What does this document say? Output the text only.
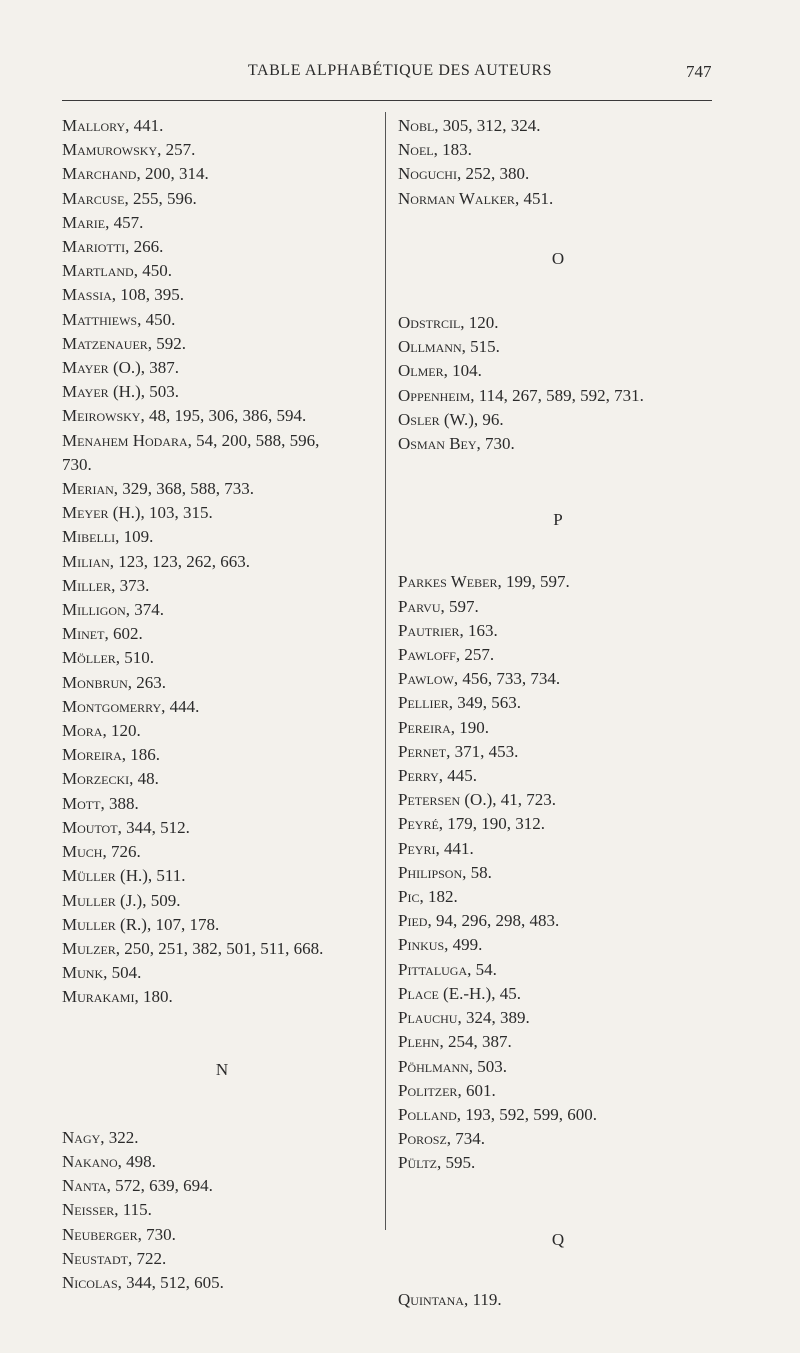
TABLE ALPHABÉTIQUE DES AUTEURS	747
Mallory, 441.
Mamurowsky, 257.
Marchand, 200, 314.
Marcuse, 255, 596.
Marie, 457.
Mariotti, 266.
Martland, 450.
Massia, 108, 395.
Matthiews, 450.
Matzenauer, 592.
Mayer (O.), 387.
Mayer (H.), 503.
Meirowsky, 48, 195, 306, 386, 594.
Menahem Hodara, 54, 200, 588, 596,
730.
Merian, 329, 368, 588, 733.
Meyer (H.), 103, 315.
Mibelli, 109.
Milian, 123, 123, 262, 663.
Miller, 373.
Milligon, 374.
Minet, 602.
Möller, 510.
Monbrun, 263.
Montgomerry, 444.
Mora, 120.
Moreira, 186.
Morzecki, 48.
Mott, 388.
Moutot, 344, 512.
Much, 726.
Müller (H.), 511.
Muller (J.), 509.
Muller (R.), 107, 178.
Mulzer, 250, 251, 382, 501, 511, 668.
Munk, 504.
Murakami, 180.
N
Nagy, 322.
Nakano, 498.
Nanta, 572, 639, 694.
Neisser, 115.
Neuberger, 730.
Neustadt, 722.
Nicolas, 344, 512, 605.
Nobl, 305, 312, 324.
Noel, 183.
Noguchi, 252, 380.
Norman Walker, 451.
O
Odstrcil, 120.
Ollmann, 515.
Olmer, 104.
Oppenheim, 114, 267, 589, 592, 731.
Osler (W.), 96.
Osman Bey, 730.
P
Parkes Weber, 199, 597.
Parvu, 597.
Pautrier, 163.
Pawloff, 257.
Pawlow, 456, 733, 734.
Pellier, 349, 563.
Pereira, 190.
Pernet, 371, 453.
Perry, 445.
Petersen (O.), 41, 723.
Peyré, 179, 190, 312.
Peyri, 441.
Philipson, 58.
Pic, 182.
Pied, 94, 296, 298, 483.
Pinkus, 499.
Pittaluga, 54.
Place (E.-H.), 45.
Plauchu, 324, 389.
Plehn, 254, 387.
Pöhlmann, 503.
Politzer, 601.
Polland, 193, 592, 599, 600.
Porosz, 734.
Pültz, 595.
Q
Quintana, 119.
